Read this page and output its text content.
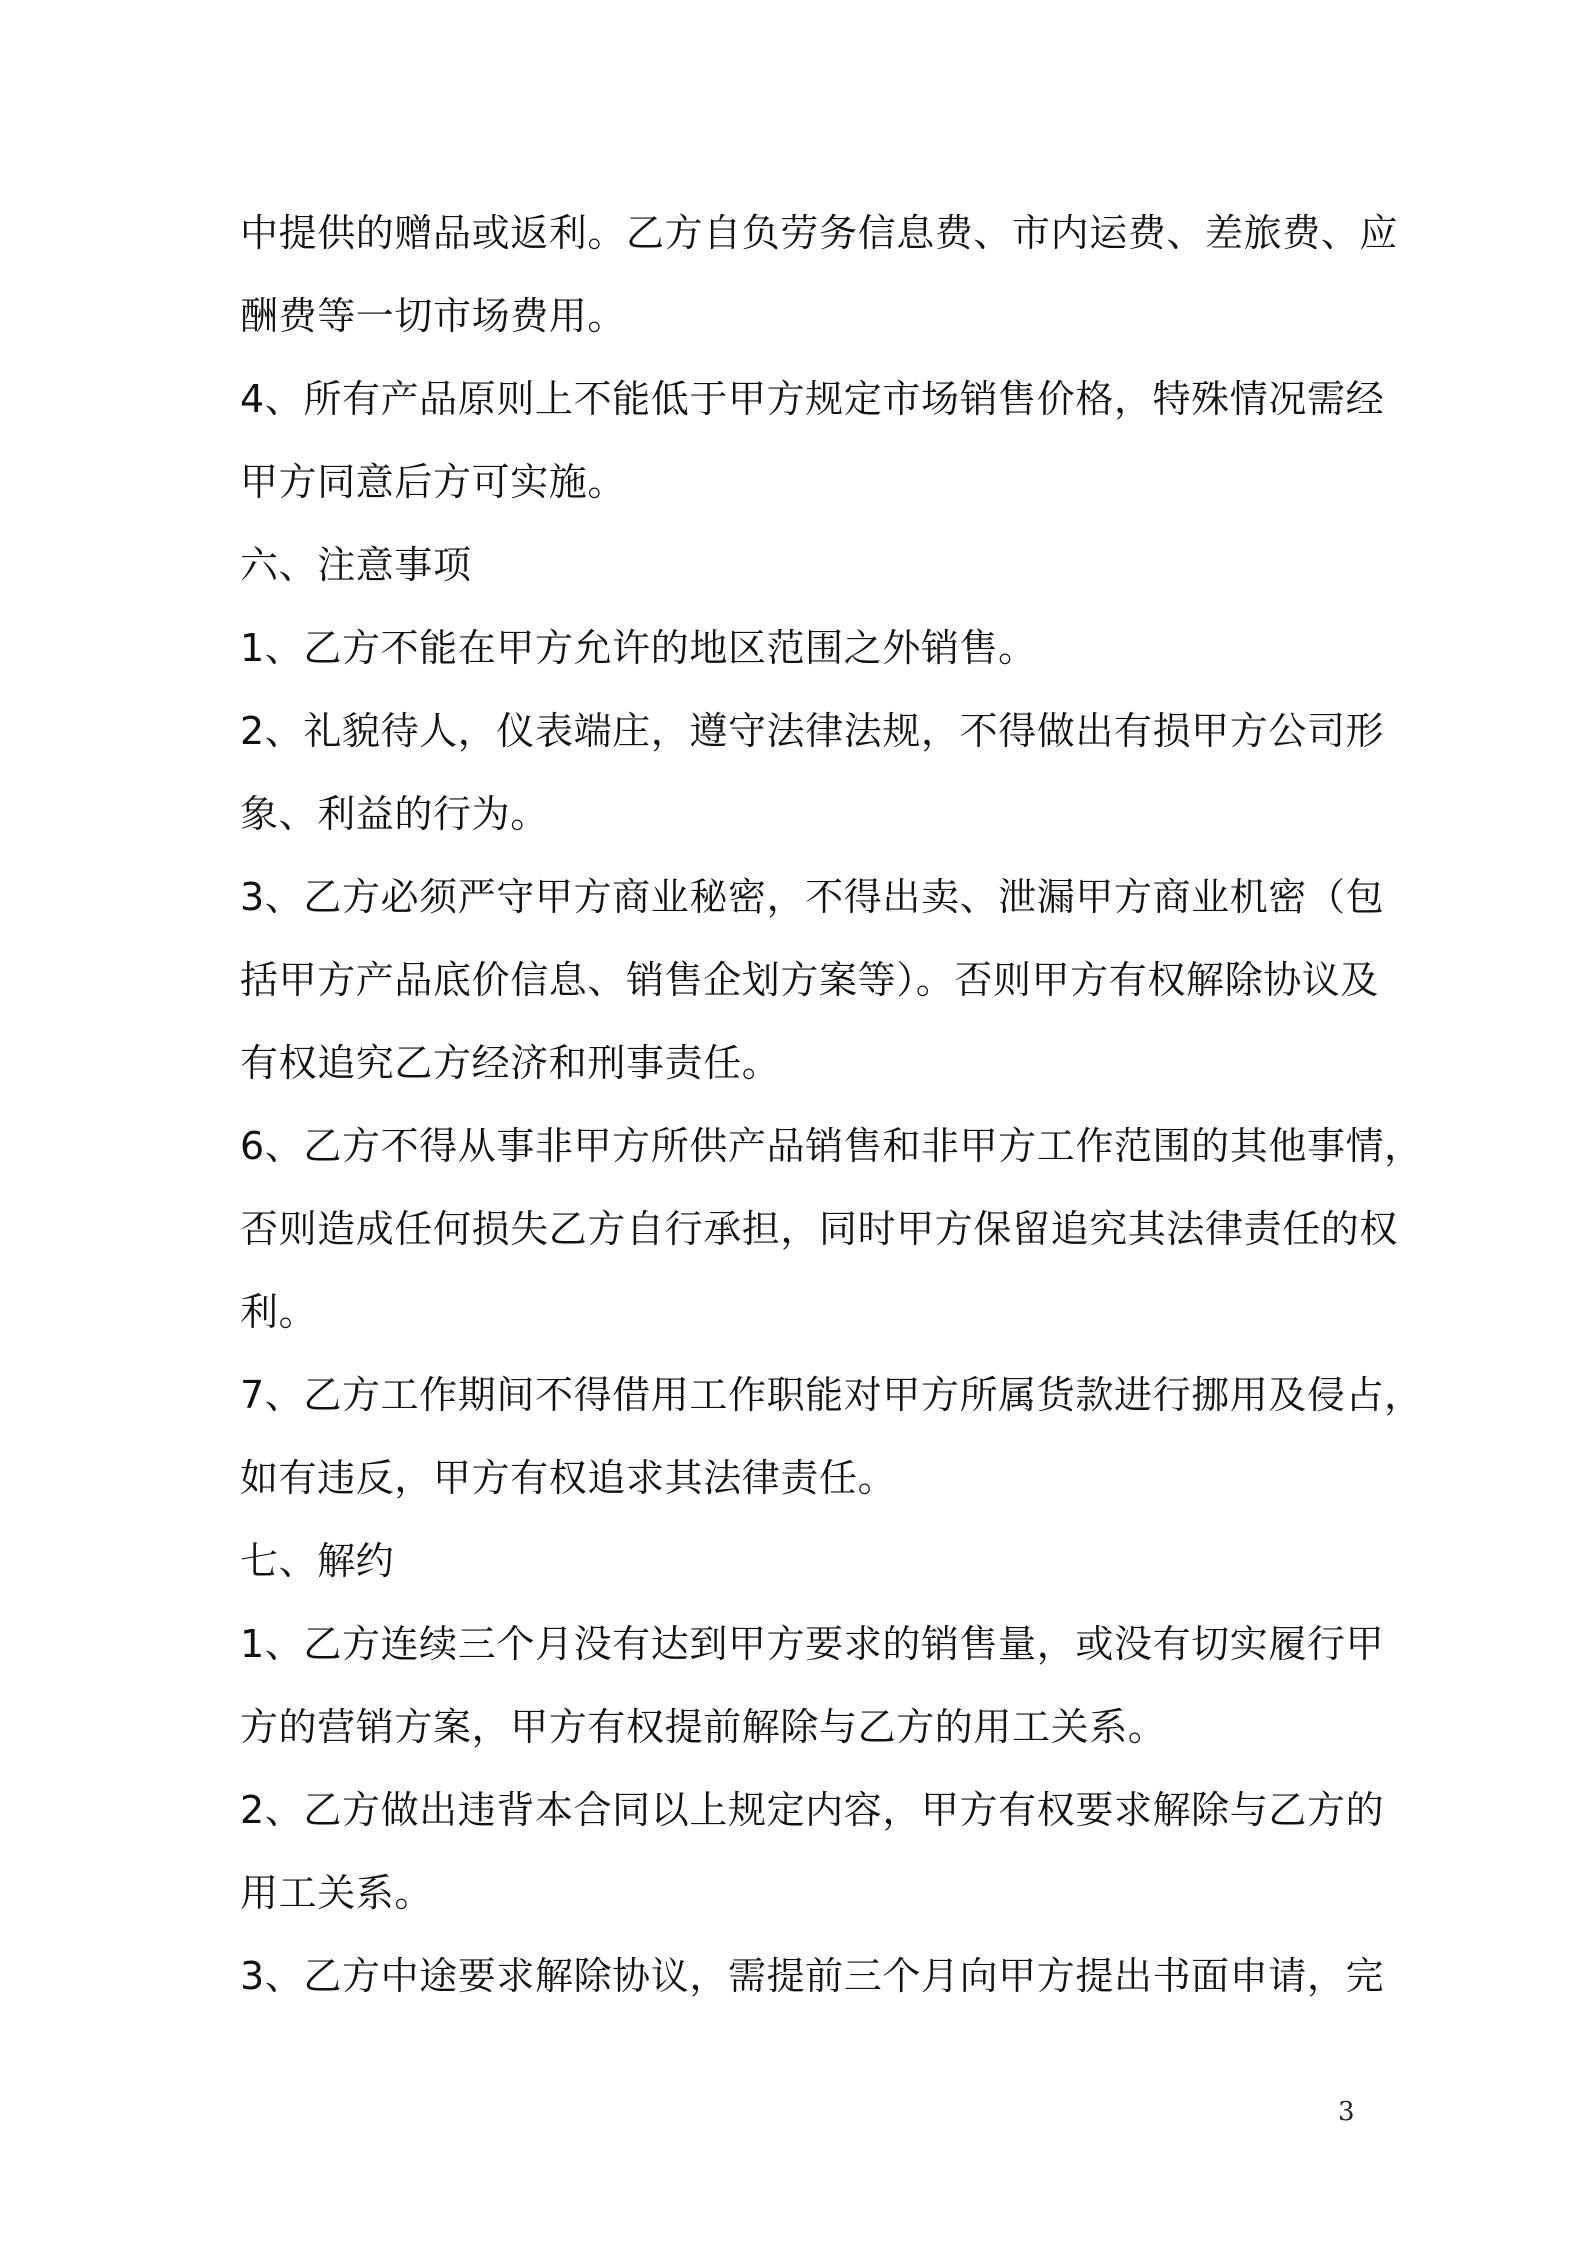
中提供的赠品或返利。乙方自负劳务信息费、市内运费、差旅费、应

酬费等一切市场费用。

4、所有产品原则上不能低于甲方规定市场销售价格，特殊情况需经

甲方同意后方可实施。

六、注意事项

1、乙方不能在甲方允许的地区范围之外销售。

2、礼貌待人，仪表端庄，遵守法律法规，不得做出有损甲方公司形

象、利益的行为。

3、乙方必须严守甲方商业秘密，不得出卖、泄漏甲方商业机密（包

括甲方产品底价信息、销售企划方案等）。否则甲方有权解除协议及

有权追究乙方经济和刑事责任。

6、乙方不得从事非甲方所供产品销售和非甲方工作范围的其他事情，

否则造成任何损失乙方自行承担，同时甲方保留追究其法律责任的权

利。

7、乙方工作期间不得借用工作职能对甲方所属货款进行挪用及侵占，

如有违反，甲方有权追求其法律责任。

七、解约

1、乙方连续三个月没有达到甲方要求的销售量，或没有切实履行甲

方的营销方案，甲方有权提前解除与乙方的用工关系。

2、乙方做出违背本合同以上规定内容，甲方有权要求解除与乙方的

用工关系。

3、乙方中途要求解除协议，需提前三个月向甲方提出书面申请，完

3
